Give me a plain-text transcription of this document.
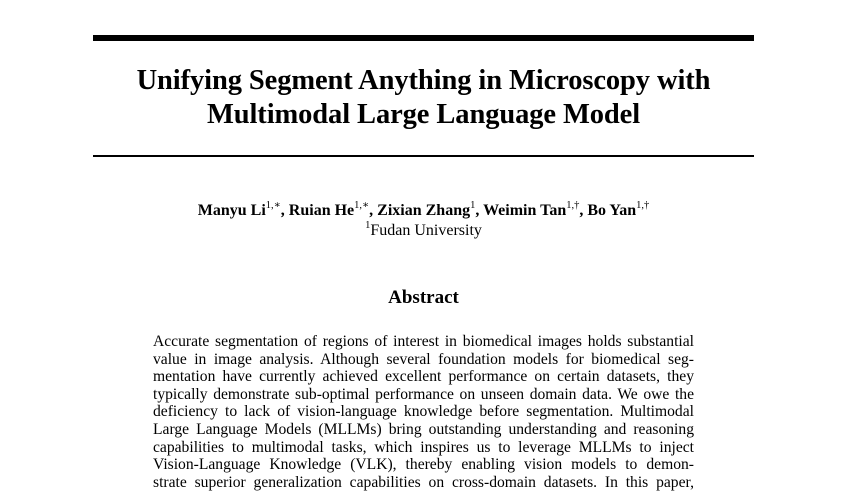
Unifying Segment Anything in Microscopy with
Multimodal Large Language Model
Manyu $Li^{1,∗}$, Ruian $He^{1,∗}$, Zixian Zhang$^1$, Weimin Tan$^{1,\dagger}$, Bo Yan$^{1,\dagger}$
$^1$Fudan University
Abstract
Accurate segmentation of regions of interest in biomedical images holds substantial
value in image analysis. Although several foundation models for biomedical seg-
mentation have currently achieved excellent performance on certain datasets, they
typically demonstrate sub-optimal performance on unseen domain data. We owe the
deficiency to lack of vision-language knowledge before segmentation. Multimodal
Large Language Models (MLLMs) bring outstanding understanding and reasoning
capabilities to multimodal tasks, which inspires us to leverage MLLMs to inject
Vision-Language Knowledge (VLK), thereby enabling vision models to demon-
strate superior generalization capabilities on cross-domain datasets. In this paper,
